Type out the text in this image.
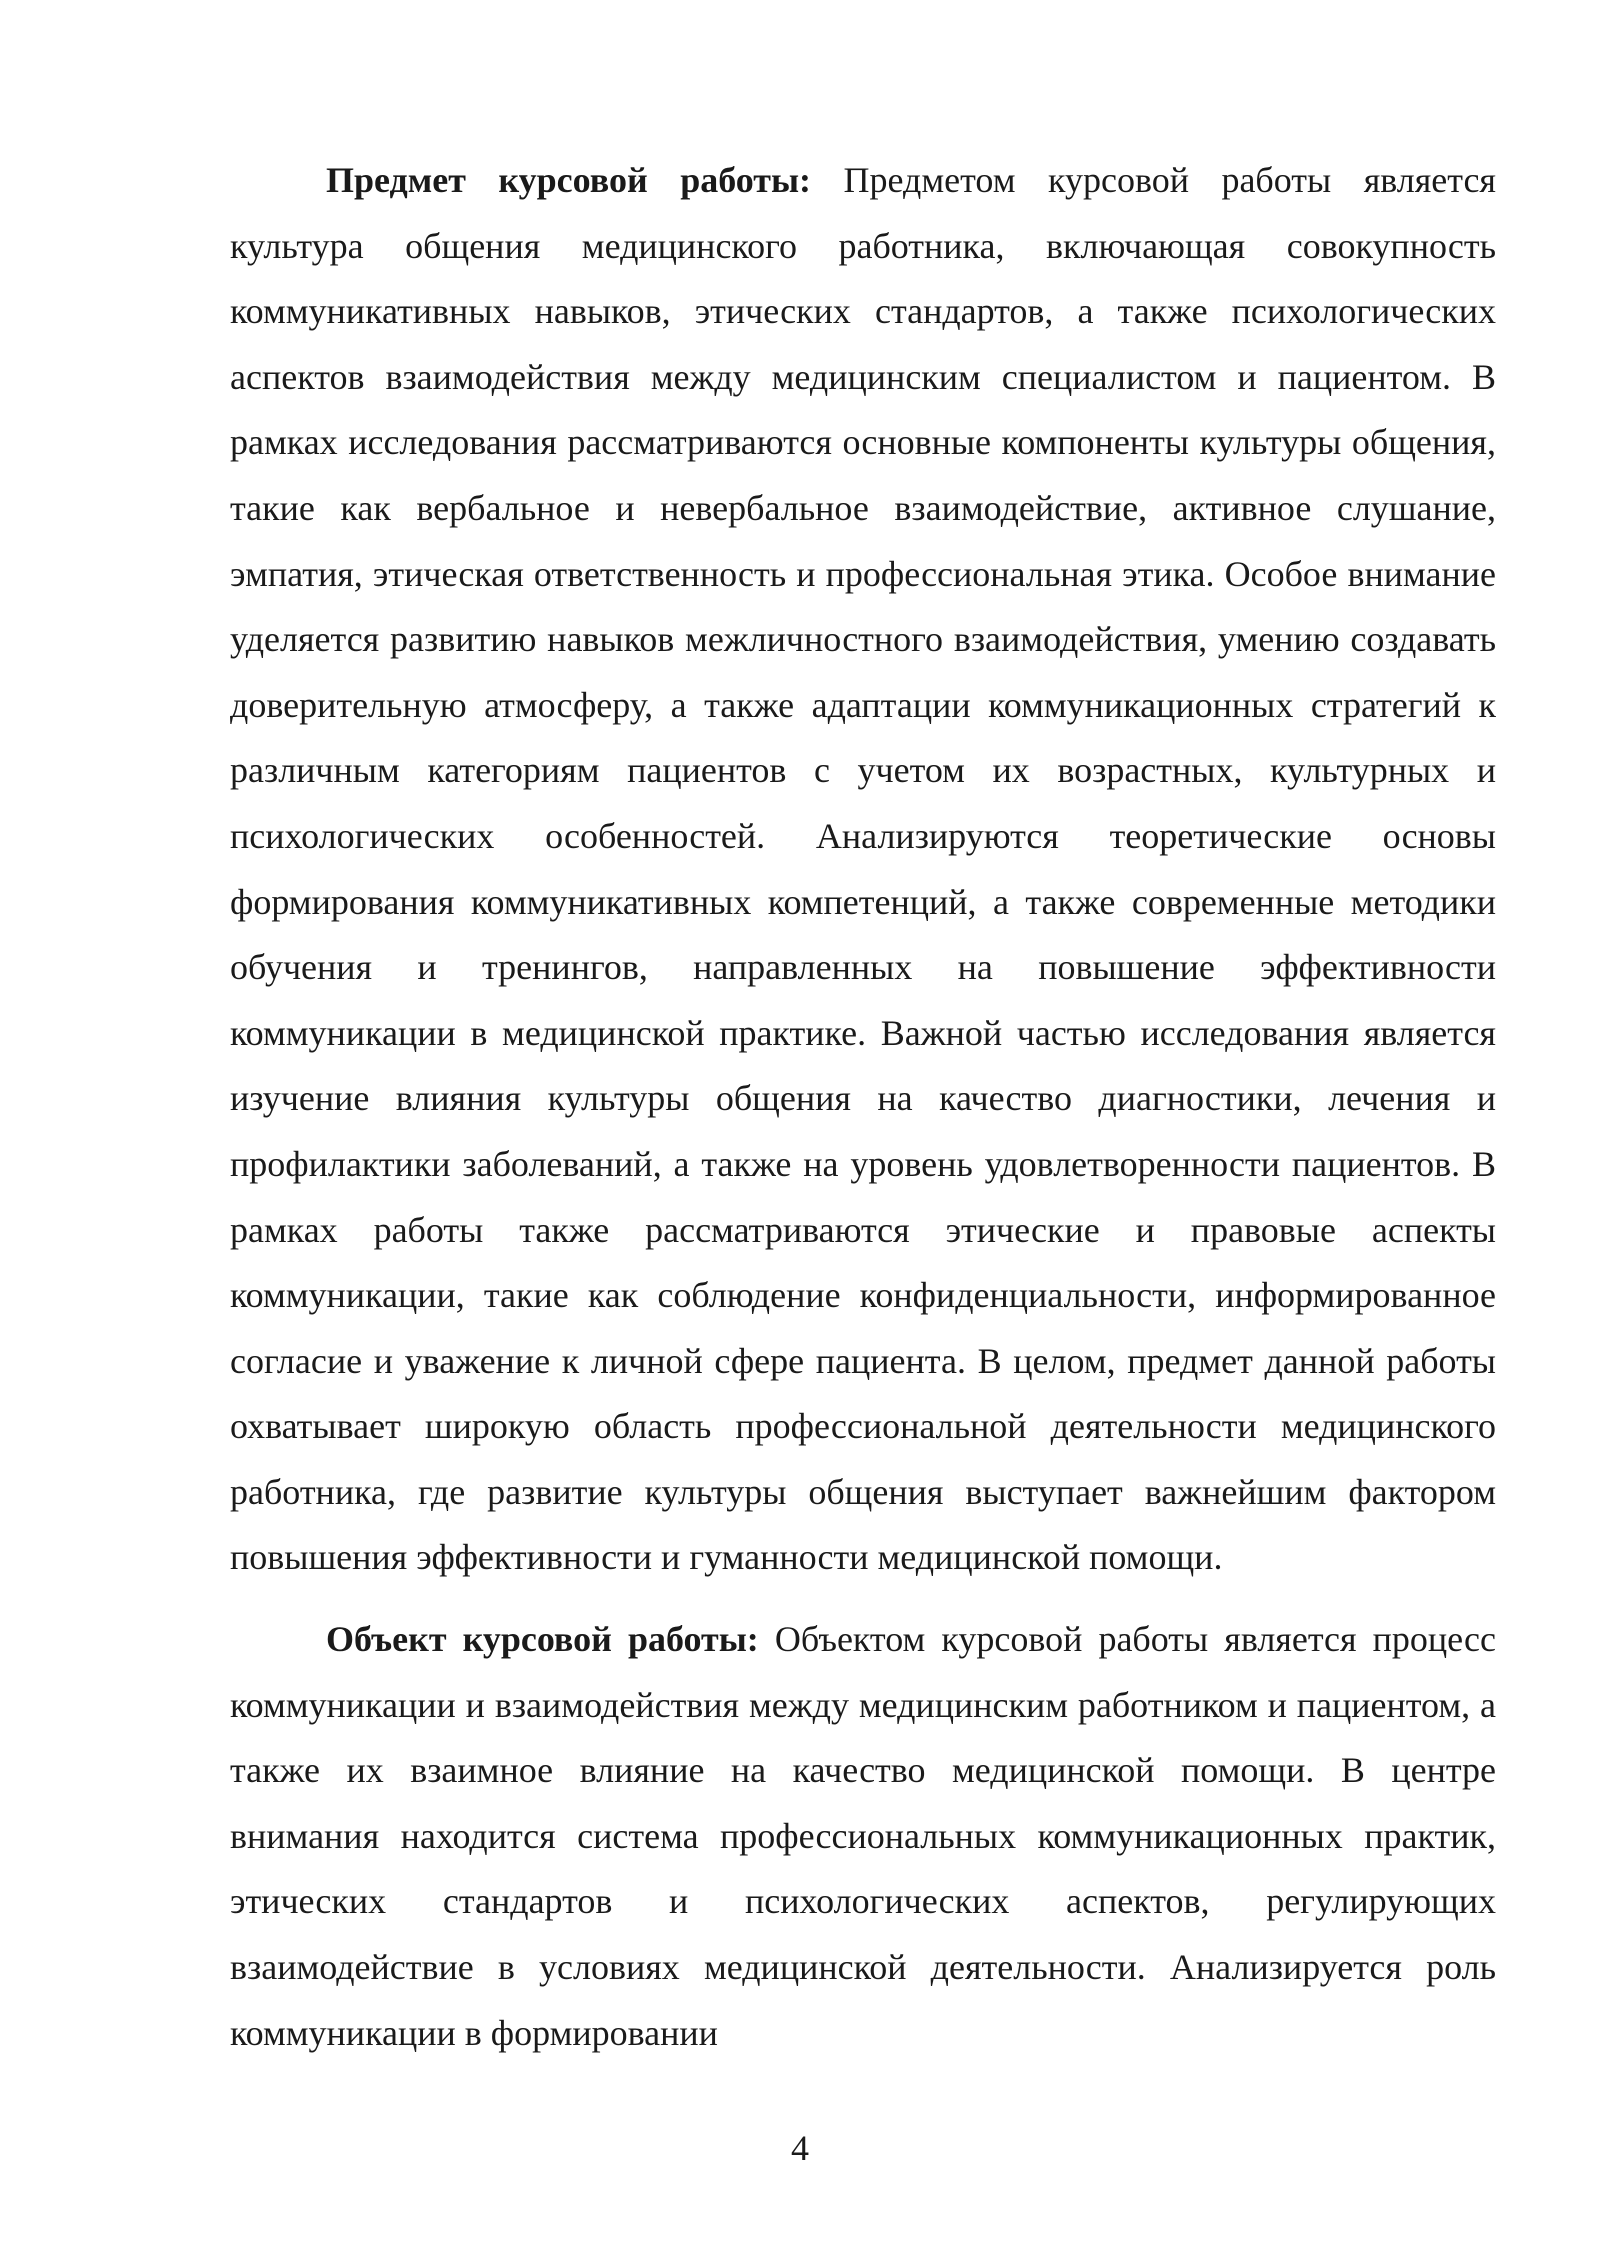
Предмет курсовой работы: Предметом курсовой работы является культура общения медицинского работника, включающая совокупность коммуникативных навыков, этических стандартов, а также психологических аспектов взаимодействия между медицинским специалистом и пациентом. В рамках исследования рассматриваются основные компоненты культуры общения, такие как вербальное и невербальное взаимодействие, активное слушание, эмпатия, этическая ответственность и профессиональная этика. Особое внимание уделяется развитию навыков межличностного взаимодействия, умению создавать доверительную атмосферу, а также адаптации коммуникационных стратегий к различным категориям пациентов с учетом их возрастных, культурных и психологических особенностей. Анализируются теоретические основы формирования коммуникативных компетенций, а также современные методики обучения и тренингов, направленных на повышение эффективности коммуникации в медицинской практике. Важной частью исследования является изучение влияния культуры общения на качество диагностики, лечения и профилактики заболеваний, а также на уровень удовлетворенности пациентов. В рамках работы также рассматриваются этические и правовые аспекты коммуникации, такие как соблюдение конфиденциальности, информированное согласие и уважение к личной сфере пациента. В целом, предмет данной работы охватывает широкую область профессиональной деятельности медицинского работника, где развитие культуры общения выступает важнейшим фактором повышения эффективности и гуманности медицинской помощи.

Объект курсовой работы: Объектом курсовой работы является процесс коммуникации и взаимодействия между медицинским работником и пациентом, а также их взаимное влияние на качество медицинской помощи. В центре внимания находится система профессиональных коммуникационных практик, этических стандартов и психологических аспектов, регулирующих взаимодействие в условиях медицинской деятельности. Анализируется роль коммуникации в формировании

4
